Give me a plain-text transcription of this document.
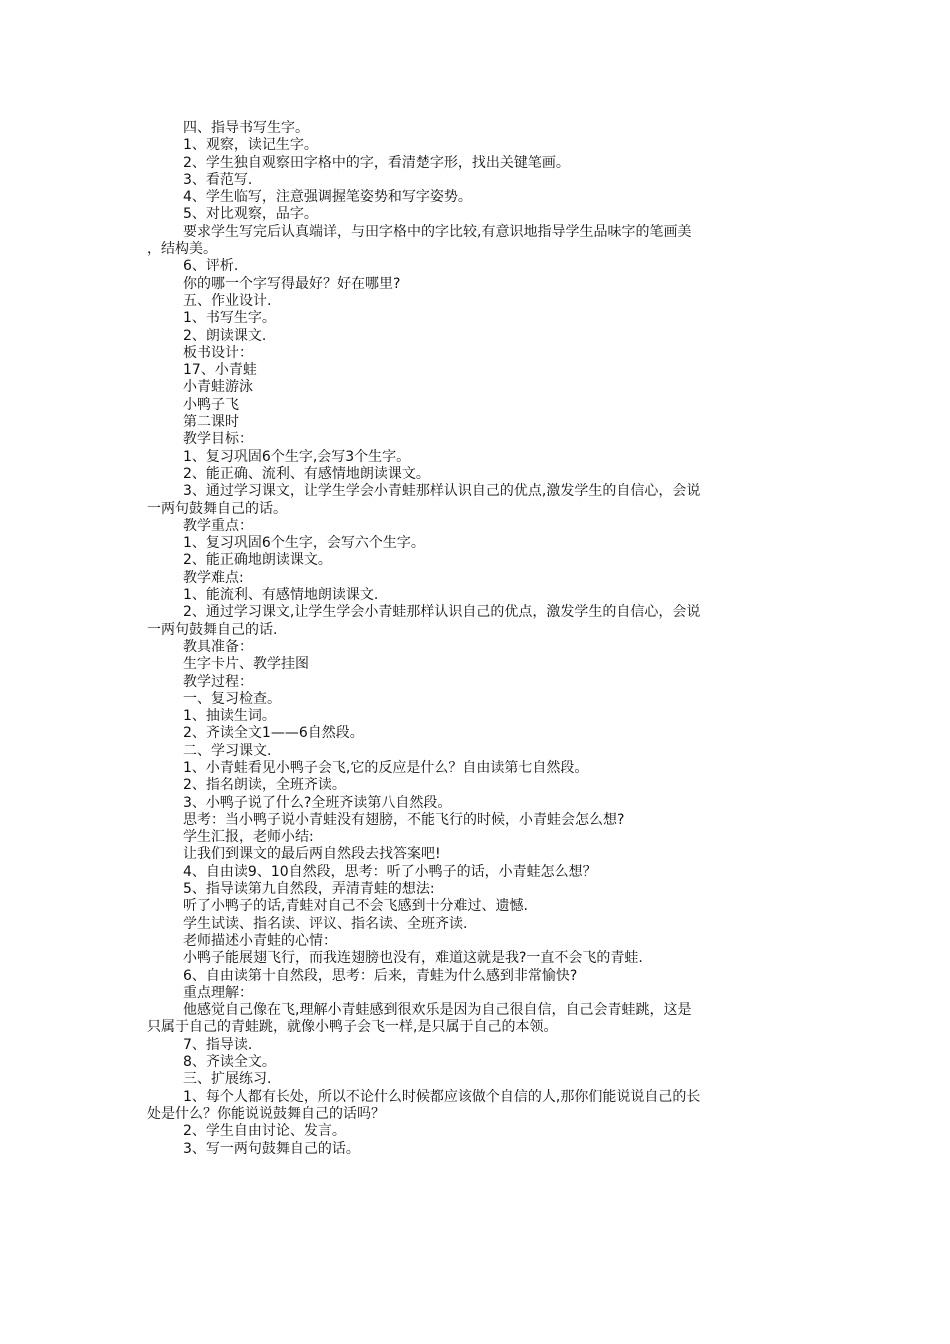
四、指导书写生字。
1、观察，读记生字。
2、学生独自观察田字格中的字，看清楚字形，找出关键笔画。
3、看范写.
4、学生临写，注意强调握笔姿势和写字姿势。
5、对比观察，品字。
要求学生写完后认真端详，与田字格中的字比较,有意识地指导学生品味字的笔画美
，结构美。
6、评析.
你的哪一个字写得最好？好在哪里?
五、作业设计.
1、书写生字。
2、朗读课文.
板书设计：
17、小青蛙
小青蛙游泳
小鸭子飞
第二课时
教学目标：
1、复习巩固6个生字,会写3个生字。
2、能正确、流利、有感情地朗读课文。
3、通过学习课文，让学生学会小青蛙那样认识自己的优点,激发学生的自信心，会说
一两句鼓舞自己的话。
教学重点：
1、复习巩固6个生字，会写六个生字。
2、能正确地朗读课文。
教学难点:
1、能流利、有感情地朗读课文.
2、通过学习课文,让学生学会小青蛙那样认识自己的优点，激发学生的自信心，会说
一两句鼓舞自己的话.
教具准备：
生字卡片、教学挂图
教学过程：
一、复习检查。
1、抽读生词。
2、齐读全文1——6自然段。
二、学习课文.
1、小青蛙看见小鸭子会飞,它的反应是什么？自由读第七自然段。
2、指名朗读，全班齐读。
3、小鸭子说了什么?全班齐读第八自然段。
思考：当小鸭子说小青蛙没有翅膀，不能飞行的时候，小青蛙会怎么想?
学生汇报，老师小结:
让我们到课文的最后两自然段去找答案吧!
4、自由读9、10自然段，思考：听了小鸭子的话，小青蛙怎么想？
5、指导读第九自然段，弄清青蛙的想法:
听了小鸭子的话,青蛙对自己不会飞感到十分难过、遗憾.
学生试读、指名读、评议、指名读、全班齐读.
老师描述小青蛙的心情：
小鸭子能展翅飞行，而我连翅膀也没有，难道这就是我?一直不会飞的青蛙.
6、自由读第十自然段，思考：后来，青蛙为什么感到非常愉快?
重点理解：
他感觉自己像在飞,理解小青蛙感到很欢乐是因为自己很自信，自己会青蛙跳，这是
只属于自己的青蛙跳，就像小鸭子会飞一样,是只属于自己的本领。
7、指导读.
8、齐读全文。
三、扩展练习.
1、每个人都有长处，所以不论什么时候都应该做个自信的人,那你们能说说自己的长
处是什么？你能说说鼓舞自己的话吗？
2、学生自由讨论、发言。
3、写一两句鼓舞自己的话。
